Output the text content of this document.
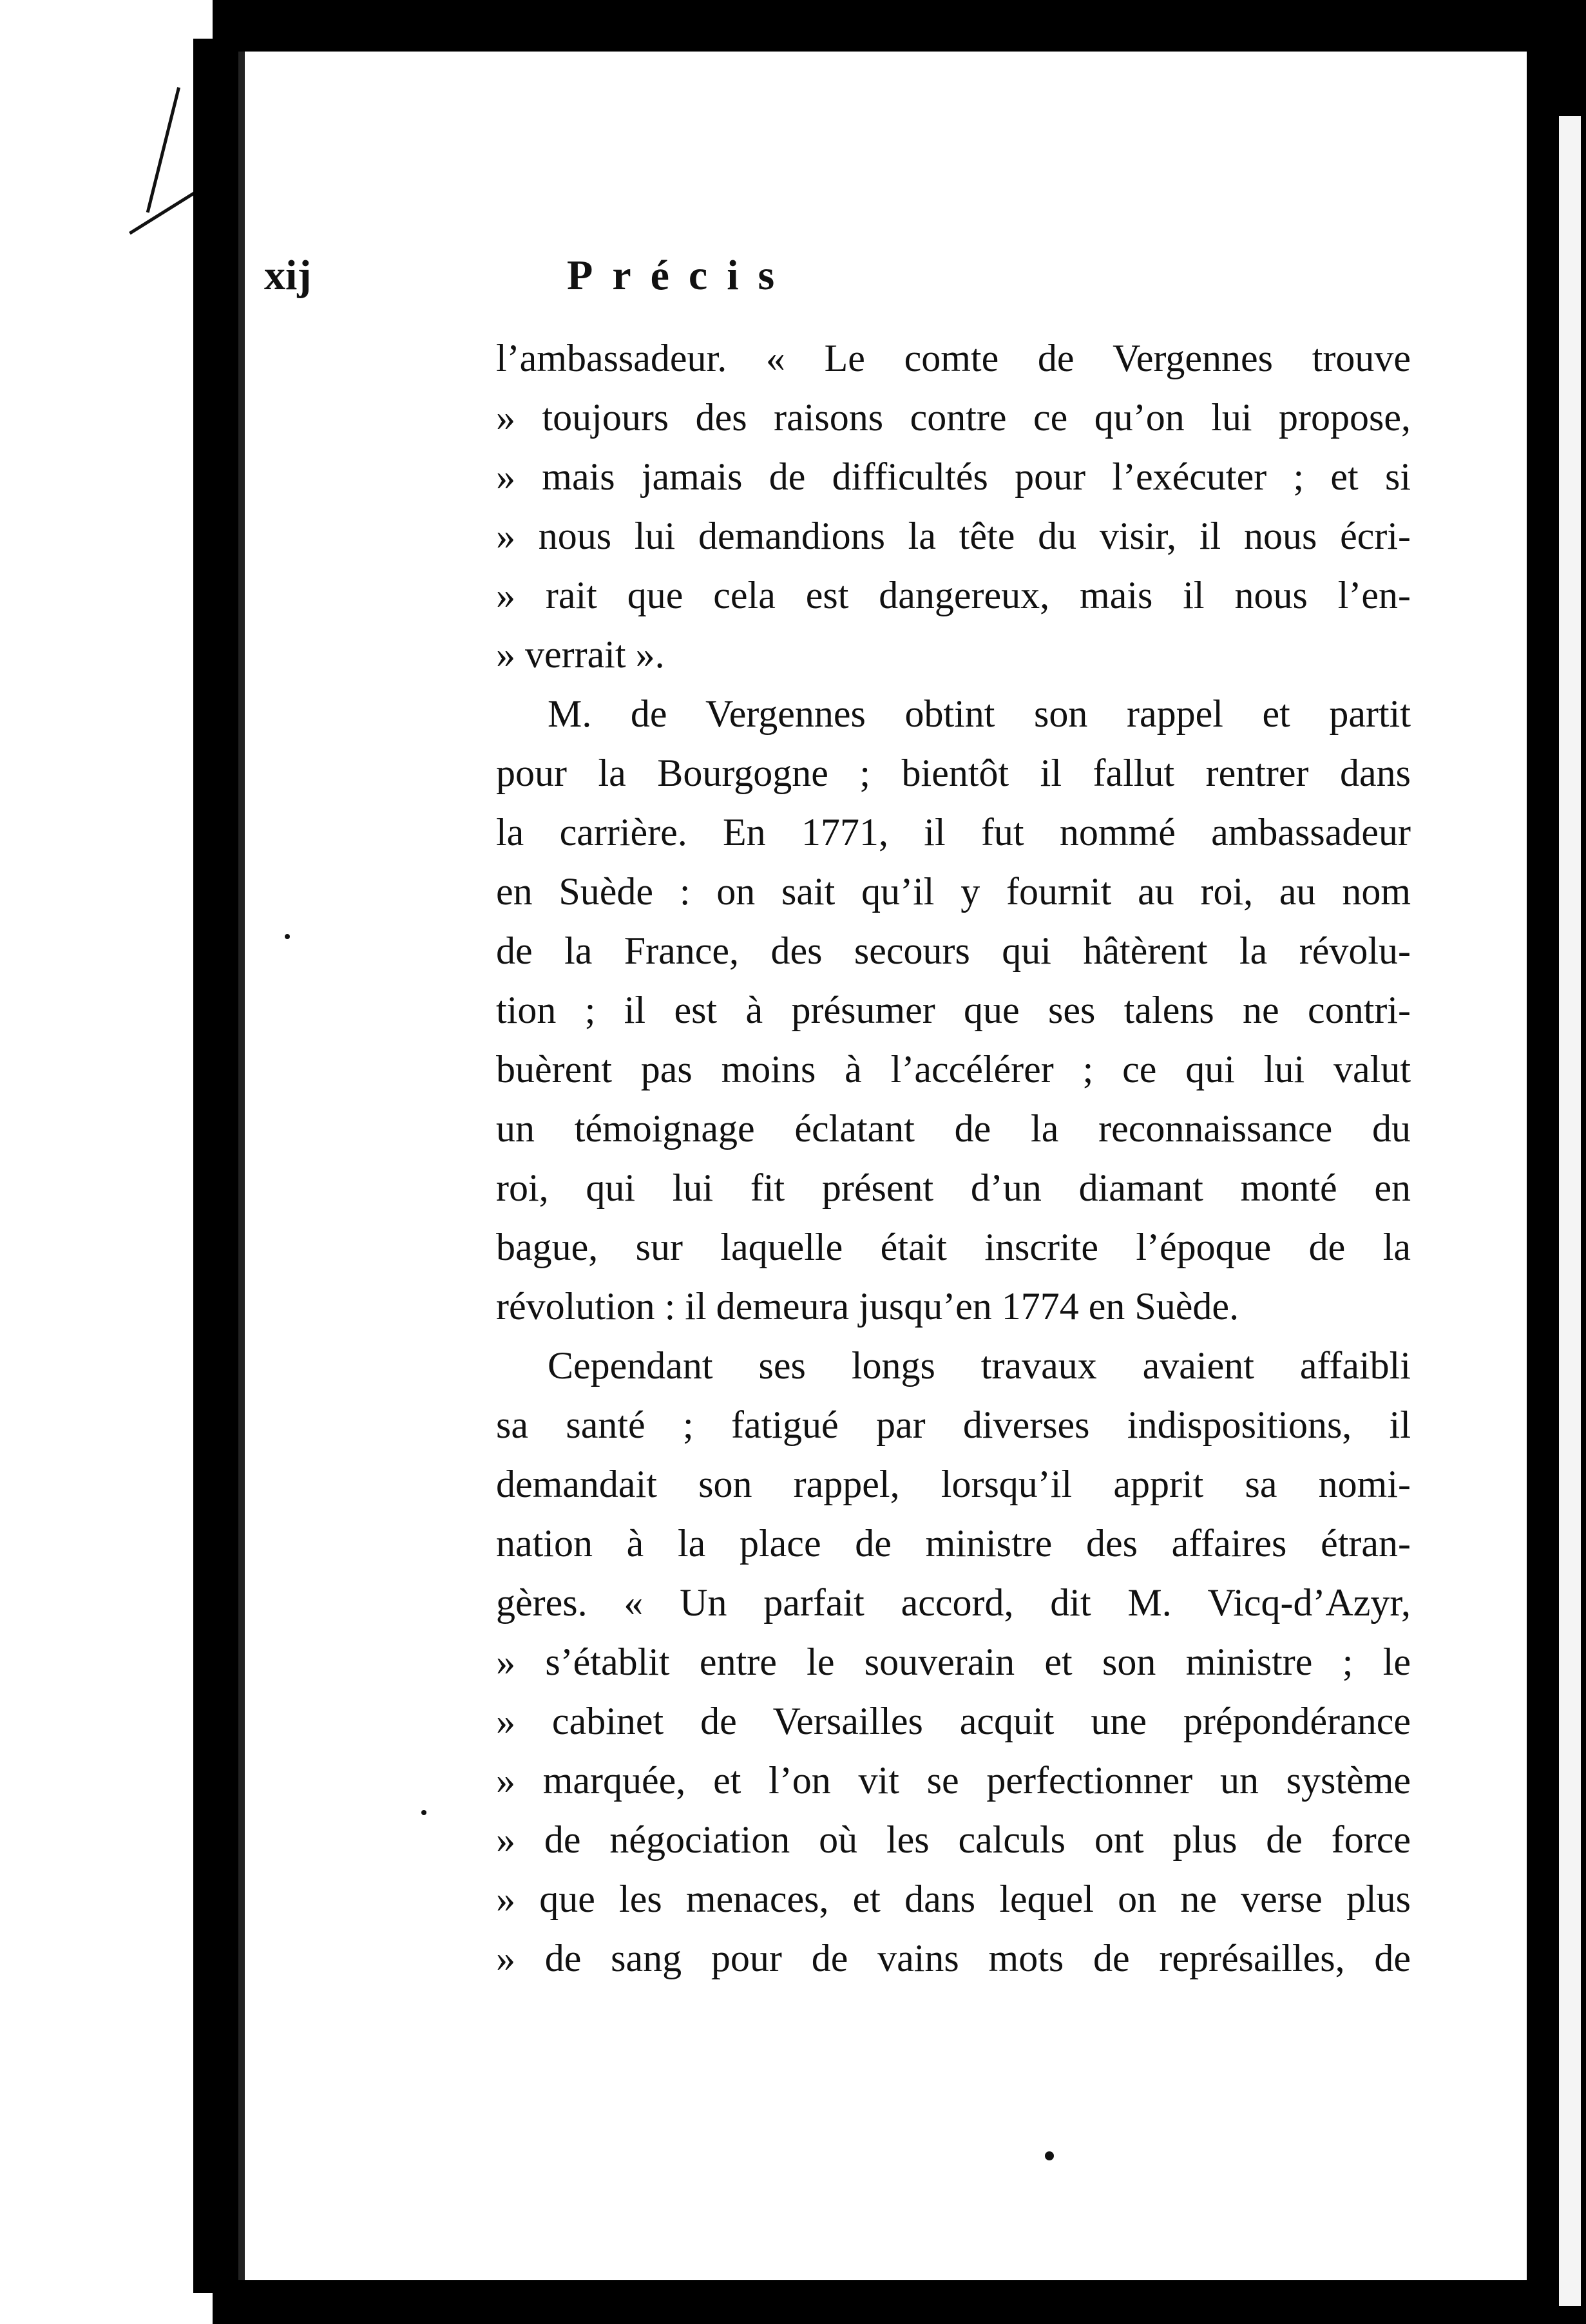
xij	Précis
l’ambassadeur. « Le comte de Vergennes trouve
» toujours des raisons contre ce qu’on lui propose,
» mais jamais de difficultés pour l’exécuter ; et si
» nous lui demandions la tête du visir, il nous écri-
» rait que cela est dangereux, mais il nous l’en-
» verrait ».
M. de Vergennes obtint son rappel et partit
pour la Bourgogne ; bientôt il fallut rentrer dans
la carrière. En 1771, il fut nommé ambassadeur
en Suède : on sait qu’il y fournit au roi, au nom
de la France, des secours qui hâtèrent la révolu-
tion ; il est à présumer que ses talens ne contri-
buèrent pas moins à l’accélérer ; ce qui lui valut
un témoignage éclatant de la reconnaissance du
roi, qui lui fit présent d’un diamant monté en
bague, sur laquelle était inscrite l’époque de la
révolution : il demeura jusqu’en 1774 en Suède.
Cependant ses longs travaux avaient affaibli
sa santé ; fatigué par diverses indispositions, il
demandait son rappel, lorsqu’il apprit sa nomi-
nation à la place de ministre des affaires étran-
gères. « Un parfait accord, dit M. Vicq-d’Azyr,
» s’établit entre le souverain et son ministre ; le
» cabinet de Versailles acquit une prépondérance
» marquée, et l’on vit se perfectionner un système
» de négociation où les calculs ont plus de force
» que les menaces, et dans lequel on ne verse plus
» de sang pour de vains mots de représailles, de
